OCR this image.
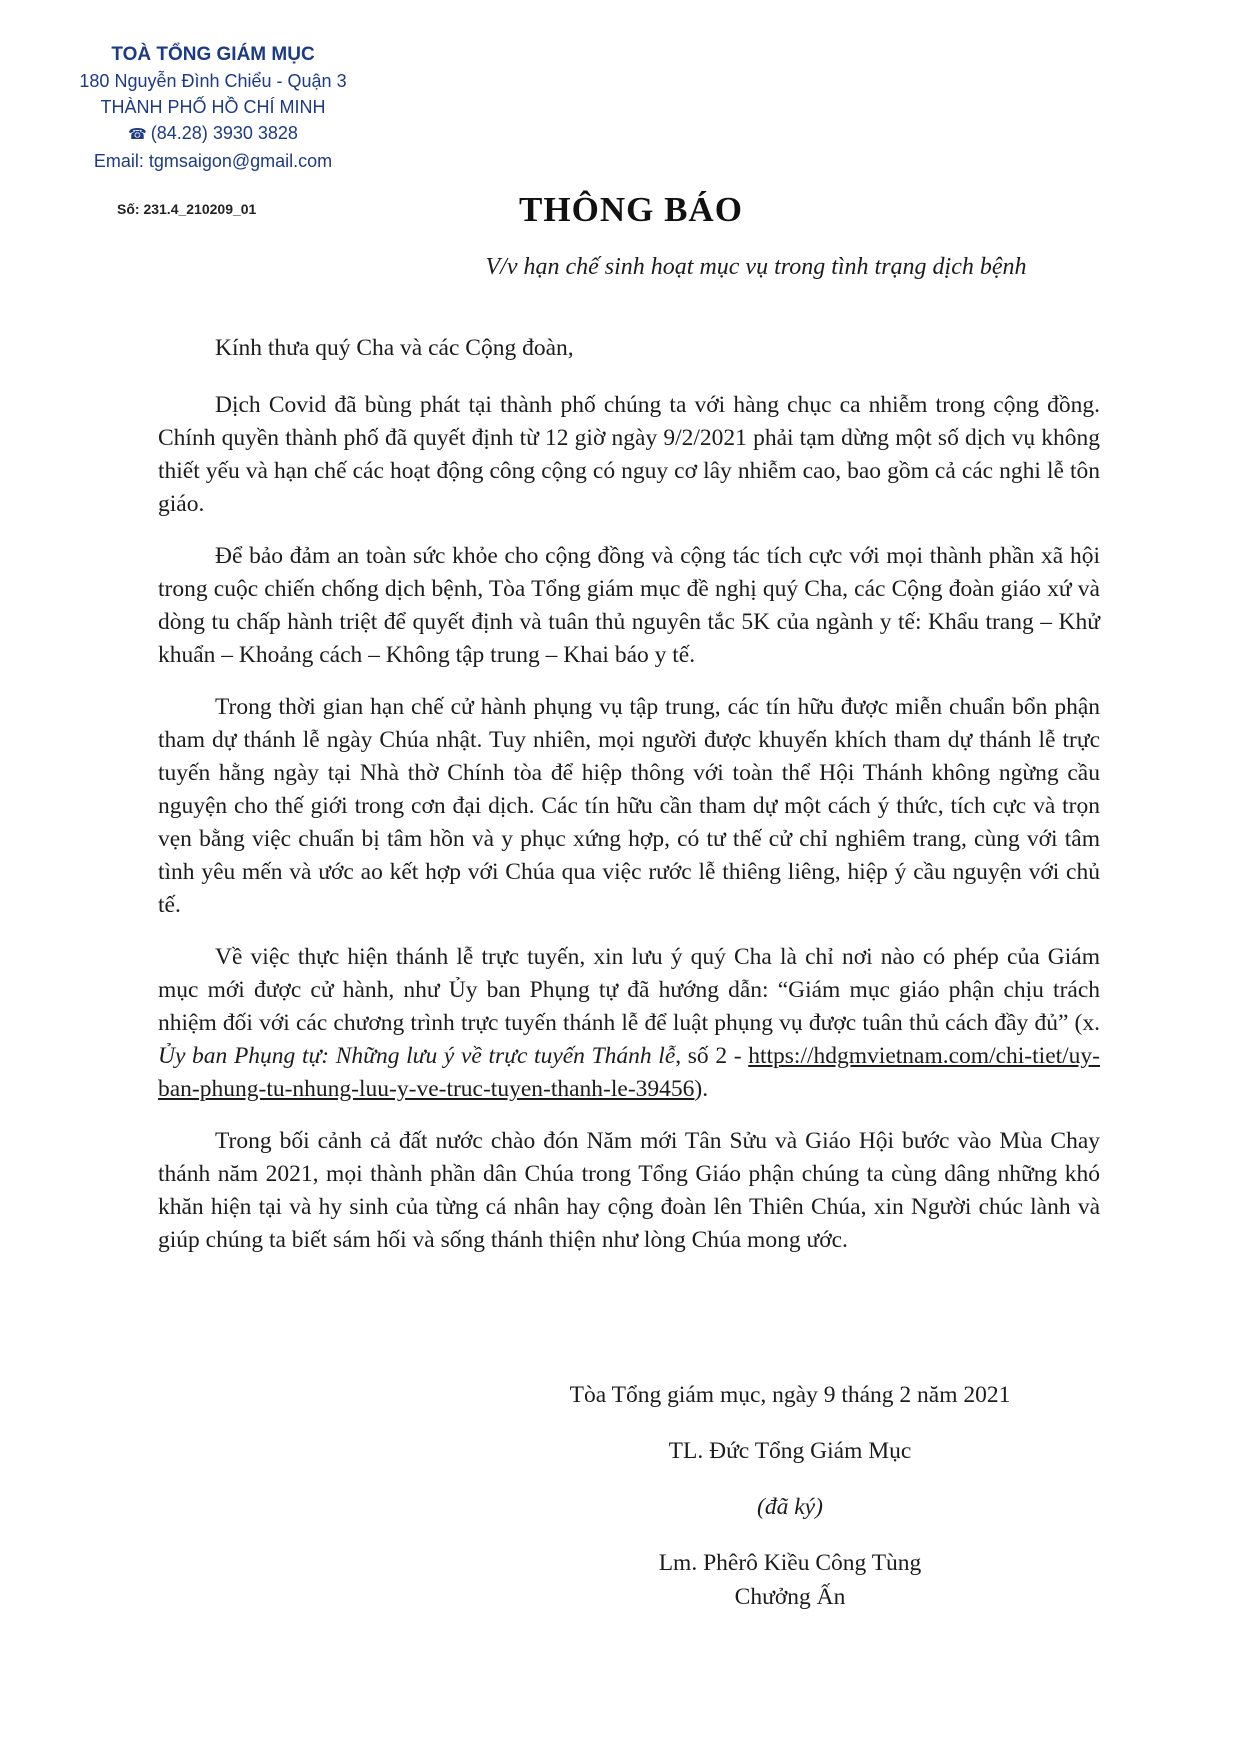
TOÀ TỔNG GIÁM MỤC
180 Nguyễn Đình Chiểu - Quận 3
THÀNH PHỐ HỒ CHÍ MINH
☎ (84.28) 3930 3828
Email: tgmsaigon@gmail.com
Số: 231.4_210209_01	THÔNG BÁO
V/v hạn chế sinh hoạt mục vụ trong tình trạng dịch bệnh

Kính thưa quý Cha và các Cộng đoàn,

Dịch Covid đã bùng phát tại thành phố chúng ta với hàng chục ca nhiễm trong cộng đồng. Chính quyền thành phố đã quyết định từ 12 giờ ngày 9/2/2021 phải tạm dừng một số dịch vụ không thiết yếu và hạn chế các hoạt động công cộng có nguy cơ lây nhiễm cao, bao gồm cả các nghi lễ tôn giáo.

Để bảo đảm an toàn sức khỏe cho cộng đồng và cộng tác tích cực với mọi thành phần xã hội trong cuộc chiến chống dịch bệnh, Tòa Tổng giám mục đề nghị quý Cha, các Cộng đoàn giáo xứ và dòng tu chấp hành triệt để quyết định và tuân thủ nguyên tắc 5K của ngành y tế: Khẩu trang – Khử khuẩn – Khoảng cách – Không tập trung – Khai báo y tế.

Trong thời gian hạn chế cử hành phụng vụ tập trung, các tín hữu được miễn chuẩn bổn phận tham dự thánh lễ ngày Chúa nhật. Tuy nhiên, mọi người được khuyến khích tham dự thánh lễ trực tuyến hằng ngày tại Nhà thờ Chính tòa để hiệp thông với toàn thể Hội Thánh không ngừng cầu nguyện cho thế giới trong cơn đại dịch. Các tín hữu cần tham dự một cách ý thức, tích cực và trọn vẹn bằng việc chuẩn bị tâm hồn và y phục xứng hợp, có tư thế cử chỉ nghiêm trang, cùng với tâm tình yêu mến và ước ao kết hợp với Chúa qua việc rước lễ thiêng liêng, hiệp ý cầu nguyện với chủ tế.

Về việc thực hiện thánh lễ trực tuyến, xin lưu ý quý Cha là chỉ nơi nào có phép của Giám mục mới được cử hành, như Ủy ban Phụng tự đã hướng dẫn: “Giám mục giáo phận chịu trách nhiệm đối với các chương trình trực tuyến thánh lễ để luật phụng vụ được tuân thủ cách đầy đủ” (x. Ủy ban Phụng tự: Những lưu ý về trực tuyến Thánh lễ, số 2 - https://hdgmvietnam.com/chi-tiet/uy-ban-phung-tu-nhung-luu-y-ve-truc-tuyen-thanh-le-39456).

Trong bối cảnh cả đất nước chào đón Năm mới Tân Sửu và Giáo Hội bước vào Mùa Chay thánh năm 2021, mọi thành phần dân Chúa trong Tổng Giáo phận chúng ta cùng dâng những khó khăn hiện tại và hy sinh của từng cá nhân hay cộng đoàn lên Thiên Chúa, xin Người chúc lành và giúp chúng ta biết sám hối và sống thánh thiện như lòng Chúa mong ước.

Tòa Tổng giám mục, ngày 9 tháng 2 năm 2021
TL. Đức Tổng Giám Mục
(đã ký)
Lm. Phêrô Kiều Công Tùng
Chưởng Ấn
